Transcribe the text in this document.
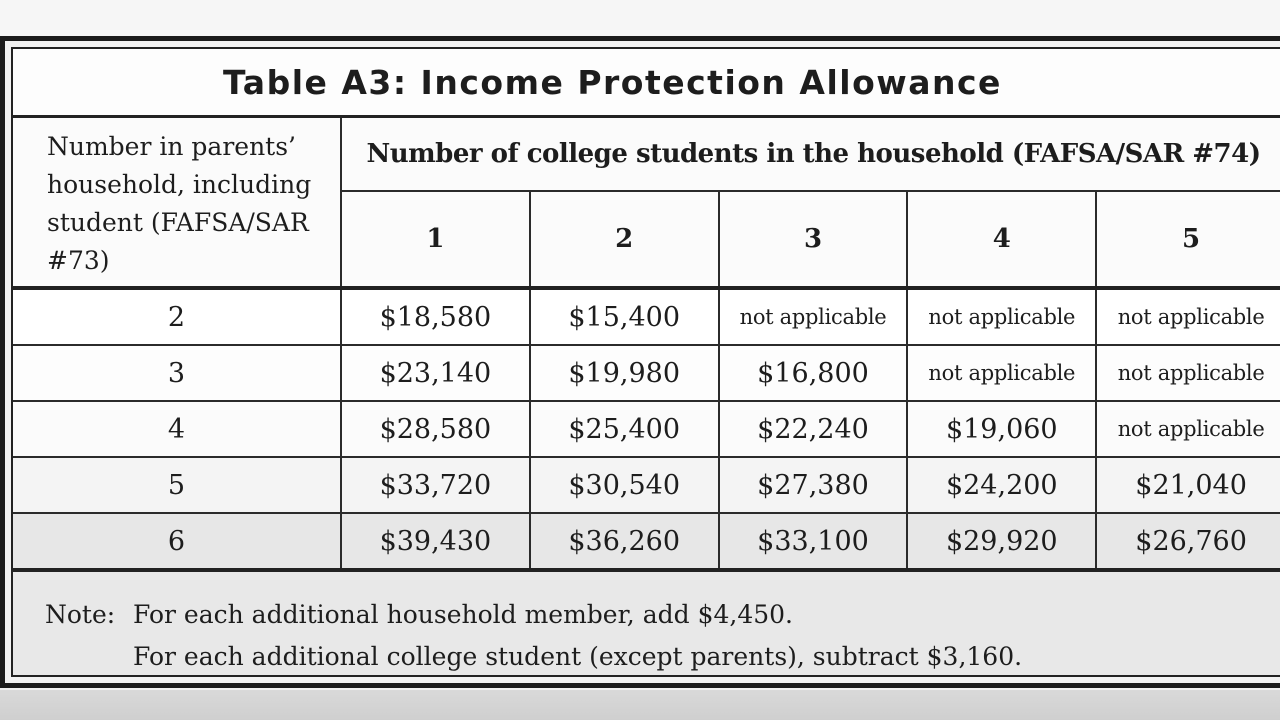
Table A3: Income Protection Allowance
Number in parents’ household, including student (FAFSA/SAR #73)	Number of college students in the household (FAFSA/SAR #74)				
	1	2	3	4	5
2	$18,580	$15,400	not applicable	not applicable	not applicable
3	$23,140	$19,980	$16,800	not applicable	not applicable
4	$28,580	$25,400	$22,240	$19,060	not applicable
5	$33,720	$30,540	$27,380	$24,200	$21,040
6	$39,430	$36,260	$33,100	$29,920	$26,760
Note: For each additional household member, add $4,450.
For each additional college student (except parents), subtract $3,160.
